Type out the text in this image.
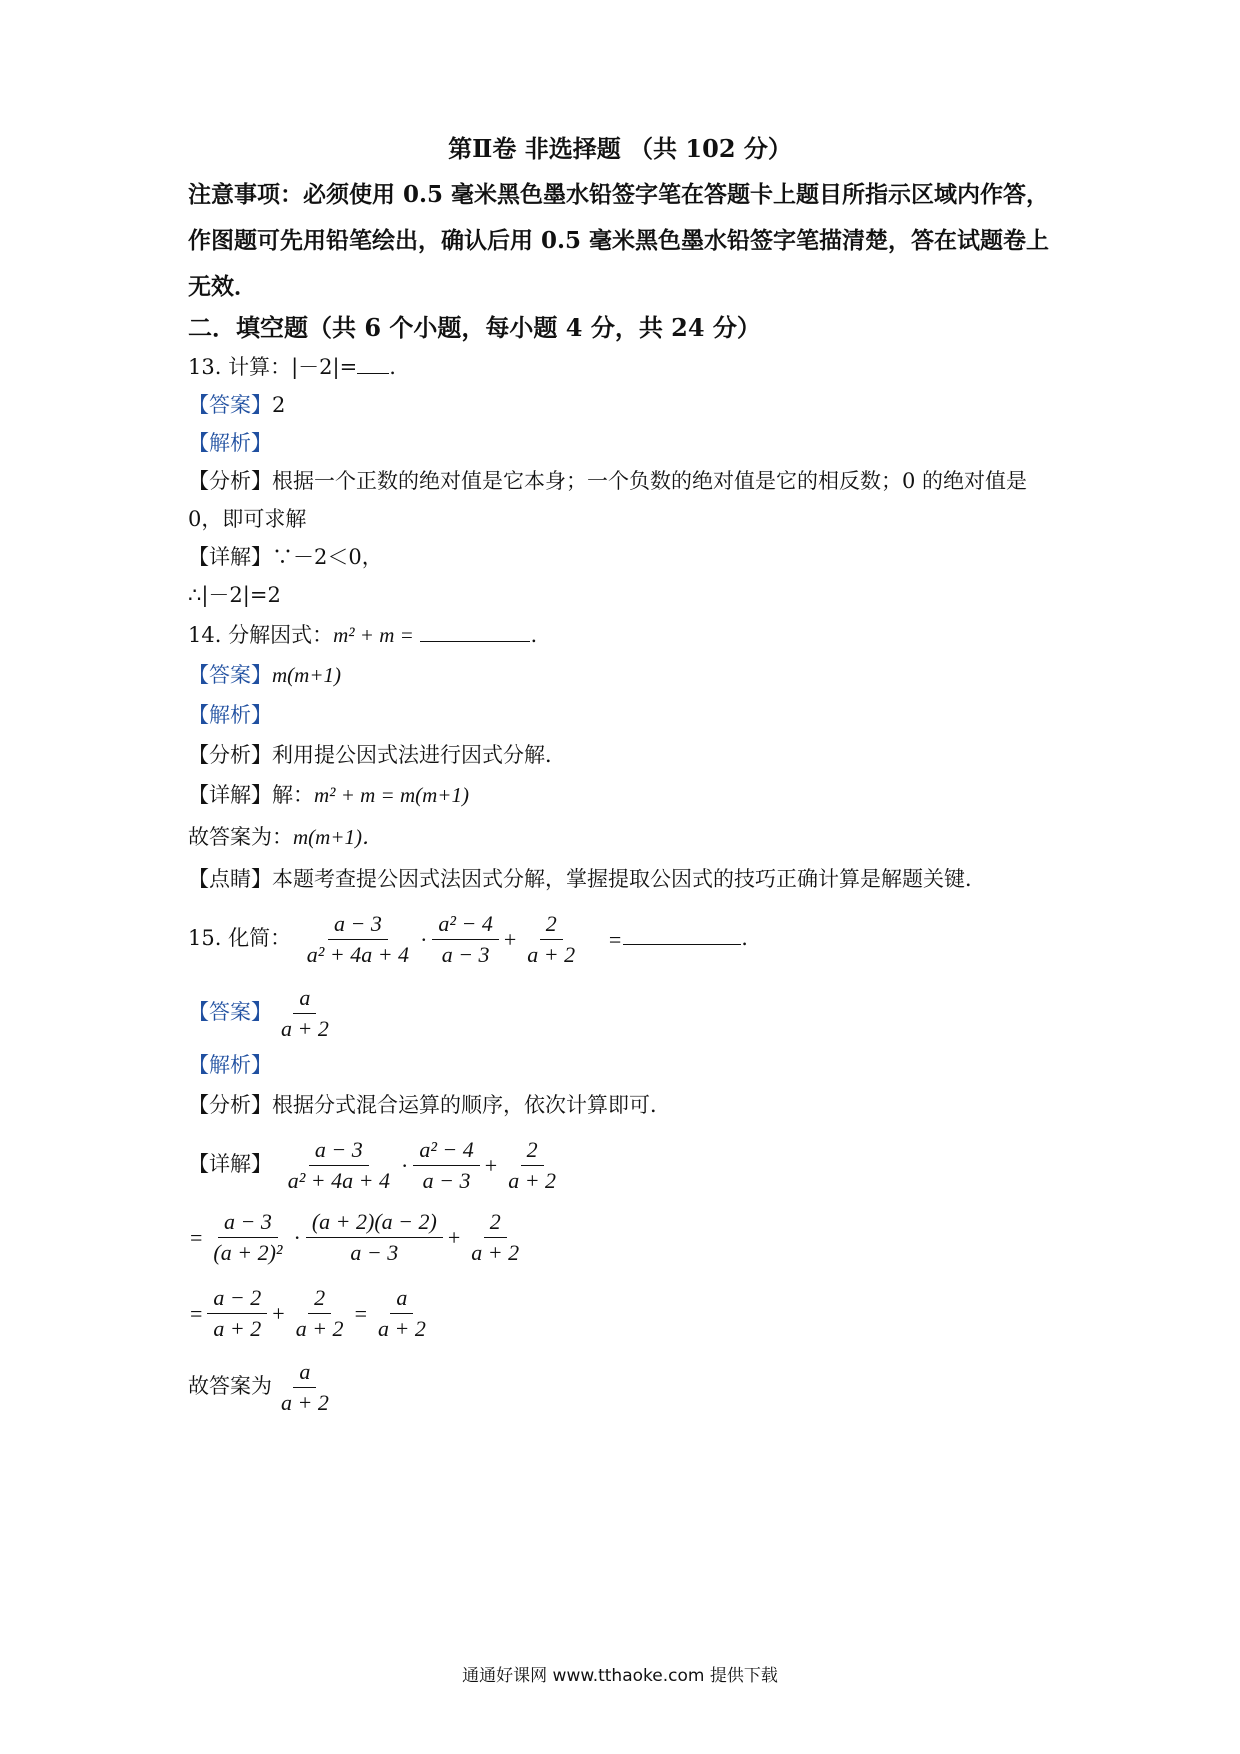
第Ⅱ卷 非选择题 （共 102 分）
注意事项：必须使用 0.5 毫米黑色墨水铅签字笔在答题卡上题目所指示区域内作答，作图题可先用铅笔绘出，确认后用 0.5 毫米黑色墨水铅签字笔描清楚，答在试题卷上无效．
二．填空题（共 6 个小题，每小题 4 分，共 24 分）
13. 计算：|－2|= .
【答案】2
【解析】
【分析】根据一个正数的绝对值是它本身；一个负数的绝对值是它的相反数；0 的绝对值是
0，即可求解
【详解】∵－2＜0，
∴|－2|=2
14. 分解因式：m² + m =	.
【答案】m(m+1)
【解析】
【分析】利用提公因式法进行因式分解．
【详解】解：m² + m = m(m+1)
故答案为：m(m+1)．
【点睛】本题考查提公因式法因式分解，掌握提取公因式的技巧正确计算是解题关键．
15. 化简： $\frac{a - 3}{\text{a² + 4a + 4}} \cdot \frac{\text{a² − 4}}{a - 3} + \frac{2}{a + 2}$ =	.
【答案】 $\frac{a}{a + 2}$
【解析】
【分析】根据分式混合运算的顺序，依次计算即可．
【详解】 $\frac{a - 3}{\text{a² + 4a + 4}} \cdot \frac{\text{a² − 4}}{a - 3} + \frac{2}{a + 2}$
= $\frac{a - 3}{\text{(a + 2)²}} \cdot \frac{(a + 2)(a - 2)}{a - 3} + \frac{2}{a + 2}$
= $\frac{a - 2}{a + 2} + \frac{2}{a + 2} = \frac{a}{a + 2}$
故答案为 $\frac{a}{a + 2}$
通通好课网 www.tthaoke.com 提供下载
